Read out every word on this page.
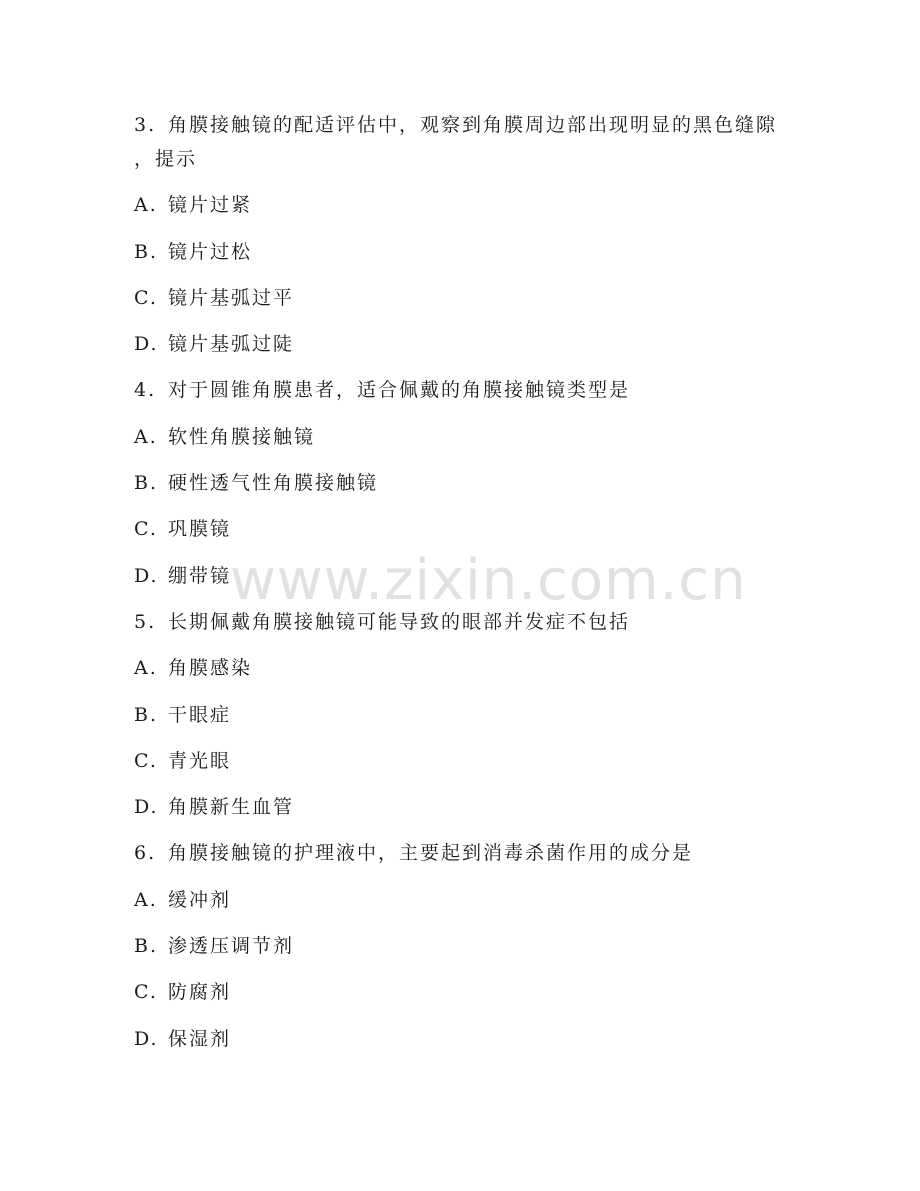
3. 角膜接触镜的配适评估中，观察到角膜周边部出现明显的黑色缝隙
，提示
A. 镜片过紧
B. 镜片过松
C. 镜片基弧过平
D. 镜片基弧过陡
4. 对于圆锥角膜患者，适合佩戴的角膜接触镜类型是
A. 软性角膜接触镜
B. 硬性透气性角膜接触镜
C. 巩膜镜
D. 绷带镜
5. 长期佩戴角膜接触镜可能导致的眼部并发症不包括
A. 角膜感染
B. 干眼症
C. 青光眼
D. 角膜新生血管
6. 角膜接触镜的护理液中，主要起到消毒杀菌作用的成分是
A. 缓冲剂
B. 渗透压调节剂
C. 防腐剂
D. 保湿剂
www.zixin.com.cn
